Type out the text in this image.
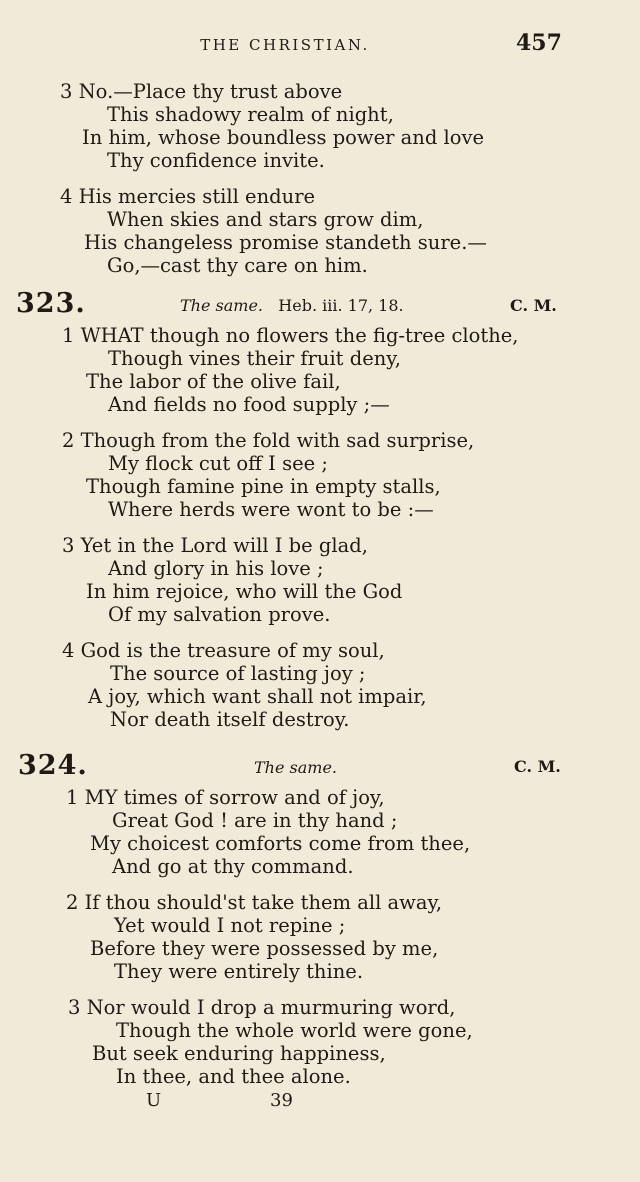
THE CHRISTIAN.	457
3 No.—Place thy trust above
This shadowy realm of night,
In him, whose boundless power and love
Thy confidence invite.
4 His mercies still endure
When skies and stars grow dim,
His changeless promise standeth sure.—
Go,—cast thy care on him.
323.	The same. Heb. iii. 17, 18.	C. M.
1 WHAT though no flowers the fig-tree clothe,
Though vines their fruit deny,
The labor of the olive fail,
And fields no food supply ;—
2 Though from the fold with sad surprise,
My flock cut off I see ;
Though famine pine in empty stalls,
Where herds were wont to be :—
3 Yet in the Lord will I be glad,
And glory in his love ;
In him rejoice, who will the God
Of my salvation prove.
4 God is the treasure of my soul,
The source of lasting joy ;
A joy, which want shall not impair,
Nor death itself destroy.
324.	The same.	C. M.
1 MY times of sorrow and of joy,
Great God ! are in thy hand ;
My choicest comforts come from thee,
And go at thy command.
2 If thou should'st take them all away,
Yet would I not repine ;
Before they were possessed by me,
They were entirely thine.
3 Nor would I drop a murmuring word,
Though the whole world were gone,
But seek enduring happiness,
In thee, and thee alone.
U	39
